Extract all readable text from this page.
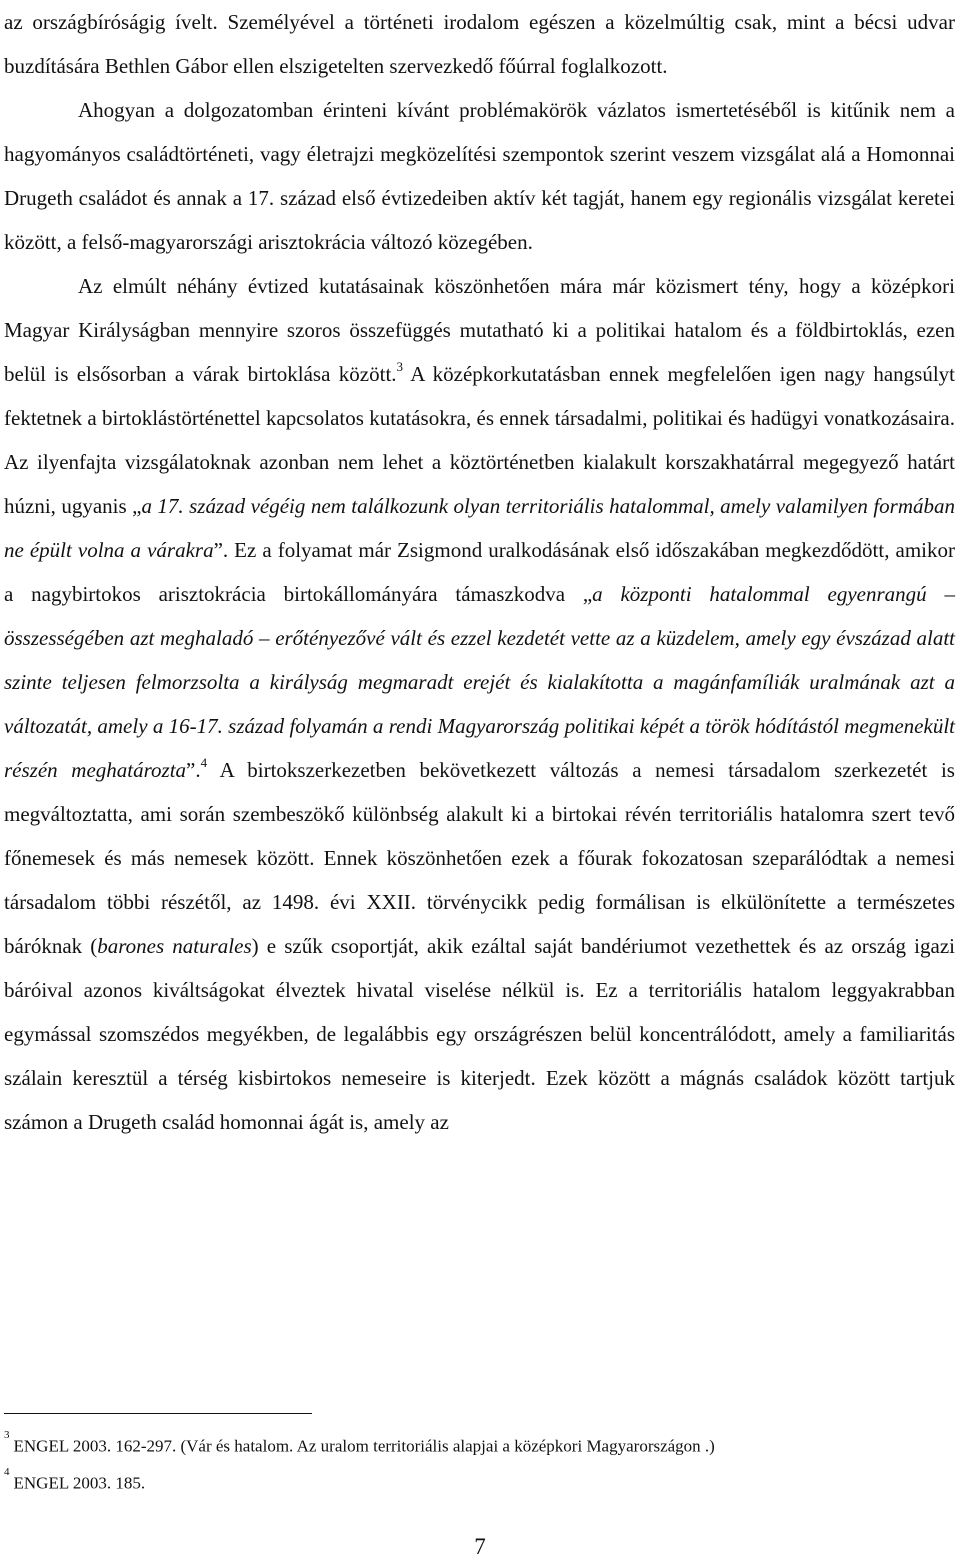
az országbíróságig ívelt. Személyével a történeti irodalom egészen a közelmúltig csak, mint a bécsi udvar buzdítására Bethlen Gábor ellen elszigetelten szervezkedő főúrral foglalkozott.

Ahogyan a dolgozatomban érinteni kívánt problémakörök vázlatos ismertetéséből is kitűnik nem a hagyományos családtörténeti, vagy életrajzi megközelítési szempontok szerint veszem vizsgálat alá a Homonnai Drugeth családot és annak a 17. század első évtizedeiben aktív két tagját, hanem egy regionális vizsgálat keretei között, a felső-magyarországi arisztokrácia változó közegében.

Az elmúlt néhány évtized kutatásainak köszönhetően mára már közismert tény, hogy a középkori Magyar Királyságban mennyire szoros összefüggés mutatható ki a politikai hatalom és a földbirtoklás, ezen belül is elsősorban a várak birtoklása között.$^3$ A középkorkutatásban ennek megfelelően igen nagy hangsúlyt fektetnek a birtoklástörténettel kapcsolatos kutatásokra, és ennek társadalmi, politikai és hadügyi vonatkozásaira. Az ilyenfajta vizsgálatoknak azonban nem lehet a köztörténetben kialakult korszakhatárral megegyező határt húzni, ugyanis „a 17. század végéig nem találkozunk olyan territoriális hatalommal, amely valamilyen formában ne épült volna a várakra”. Ez a folyamat már Zsigmond uralkodásának első időszakában megkezdődött, amikor a nagybirtokos arisztokrácia birtokállományára támaszkodva „a központi hatalommal egyenrangú – összességében azt meghaladó – erőtényezővé vált és ezzel kezdetét vette az a küzdelem, amely egy évszázad alatt szinte teljesen felmorzsolta a királyság megmaradt erejét és kialakította a magánfamíliák uralmának azt a változatát, amely a 16-17. század folyamán a rendi Magyarország politikai képét a török hódítástól megmenekült részén meghatározta”.$^4$ A birtokszerkezetben bekövetkezett változás a nemesi társadalom szerkezetét is megváltoztatta, ami során szembeszökő különbség alakult ki a birtokai révén territoriális hatalomra szert tevő főnemesek és más nemesek között. Ennek köszönhetően ezek a főurak fokozatosan szeparálódtak a nemesi társadalom többi részétől, az 1498. évi XXII. törvénycikk pedig formálisan is elkülönítette a természetes báróknak (barones naturales) e szűk csoportját, akik ezáltal saját bandériumot vezethettek és az ország igazi báróival azonos kiváltságokat élveztek hivatal viselése nélkül is. Ez a territoriális hatalom leggyakrabban egymással szomszédos megyékben, de legalábbis egy országrészen belül koncentrálódott, amely a familiaritás szálain keresztül a térség kisbirtokos nemeseire is kiterjedt. Ezek között a mágnás családok között tartjuk számon a Drugeth család homonnai ágát is, amely az

$^3$ENGEL 2003. 162-297. (Vár és hatalom. Az uralom territoriális alapjai a középkori Magyarországon .)

$^4$ENGEL 2003. 185.

7
